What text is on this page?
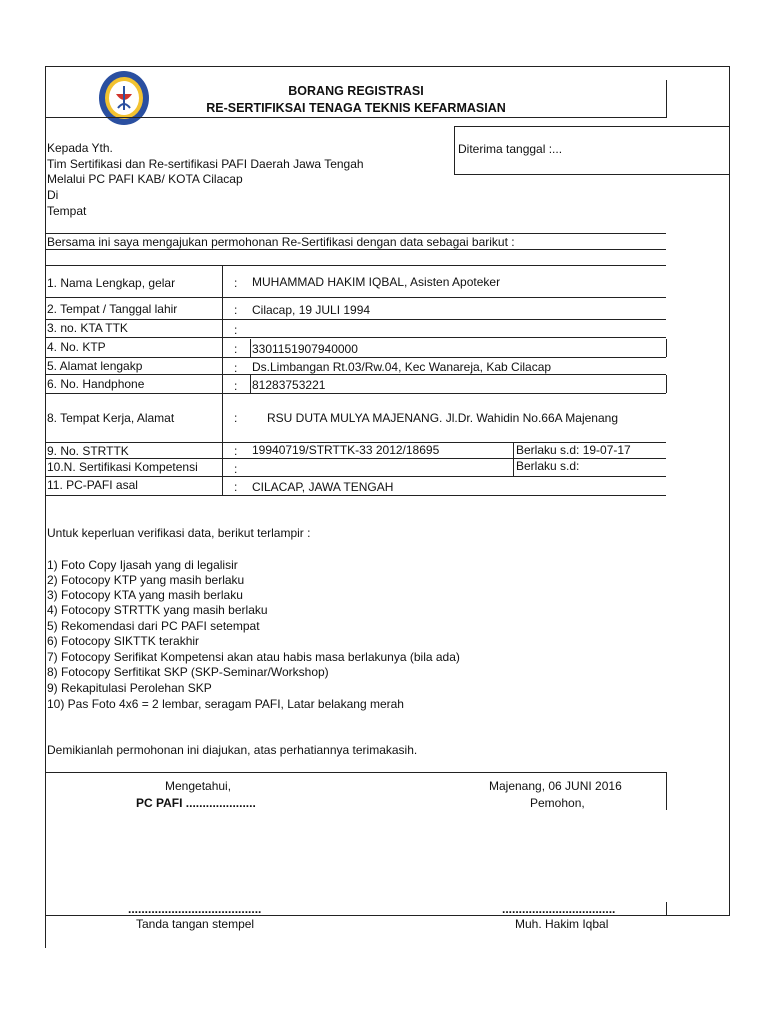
BORANG REGISTRASI
RE-SERTIFIKSAI TENAGA TEKNIS KEFARMASIAN
Diterima tanggal :...
Kepada Yth.
Tim Sertifikasi dan Re-sertifikasi PAFI Daerah Jawa Tengah
Melalui PC PAFI KAB/ KOTA Cilacap
Di
Tempat
Bersama ini saya mengajukan permohonan Re-Sertifikasi dengan data sebagai barikut :
1. Nama Lengkap, gelar	: MUHAMMAD HAKIM IQBAL, Asisten Apoteker
2. Tempat / Tanggal lahir	: Cilacap, 19 JULI 1994
3. no. KTA TTK	:
4. No. KTP	: 3301151907940000
5. Alamat lengakp	: Ds.Limbangan Rt.03/Rw.04, Kec Wanareja, Kab Cilacap
6. No. Handphone	: 81283753221
8. Tempat Kerja, Alamat	: RSU DUTA MULYA MAJENANG. Jl.Dr. Wahidin No.66A Majenang
9. No. STRTTK	: 19940719/STRTTK-33 2012/18695	Berlaku s.d: 19-07-17
10.N. Sertifikasi Kompetensi	:	Berlaku s.d:
11. PC-PAFI asal	: CILACAP, JAWA TENGAH
Untuk keperluan verifikasi data, berikut terlampir :
1) Foto Copy Ijasah yang di legalisir
2) Fotocopy KTP yang masih berlaku
3) Fotocopy KTA yang masih berlaku
4) Fotocopy STRTTK yang masih berlaku
5) Rekomendasi dari PC PAFI setempat
6) Fotocopy SIKTTK terakhir
7) Fotocopy Serifikat Kompetensi akan atau habis masa berlakunya (bila ada)
8) Fotocopy Serfitikat SKP (SKP-Seminar/Workshop)
9) Rekapitulasi Perolehan SKP
10) Pas Foto 4x6 = 2 lembar, seragam PAFI, Latar belakang merah
Demikianlah permohonan ini diajukan, atas perhatiannya terimakasih.
Mengetahui,
PC PAFI .....................
Majenang, 06 JUNI 2016
Pemohon,
........................................	..................................
Tanda tangan stempel	Muh. Hakim Iqbal
